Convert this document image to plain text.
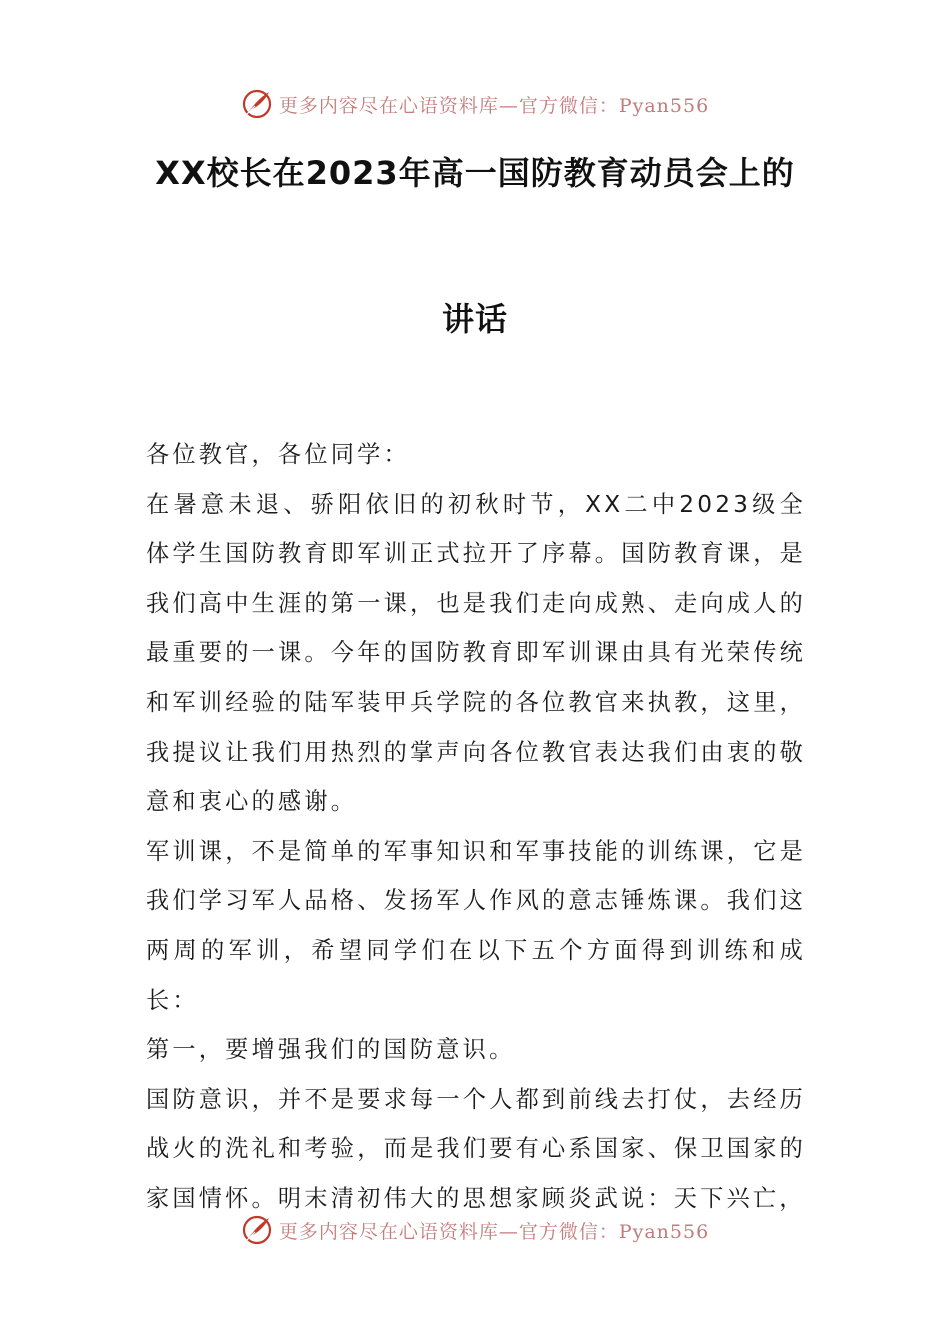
更多内容尽在心语资料库—官方微信：Pyan556
XX校长在2023年高一国防教育动员会上的
讲话

各位教官，各位同学：

在暑意未退、骄阳依旧的初秋时节，XX二中2023级全体学生国防教育即军训正式拉开了序幕。国防教育课，是我们高中生涯的第一课，也是我们走向成熟、走向成人的最重要的一课。今年的国防教育即军训课由具有光荣传统和军训经验的陆军装甲兵学院的各位教官来执教，这里，我提议让我们用热烈的掌声向各位教官表达我们由衷的敬意和衷心的感谢。

军训课，不是简单的军事知识和军事技能的训练课，它是我们学习军人品格、发扬军人作风的意志锤炼课。我们这两周的军训，希望同学们在以下五个方面得到训练和成长：

第一，要增强我们的国防意识。

国防意识，并不是要求每一个人都到前线去打仗，去经历战火的洗礼和考验，而是我们要有心系国家、保卫国家的家国情怀。明末清初伟大的思想家顾炎武说：天下兴亡，

更多内容尽在心语资料库—官方微信：Pyan556
